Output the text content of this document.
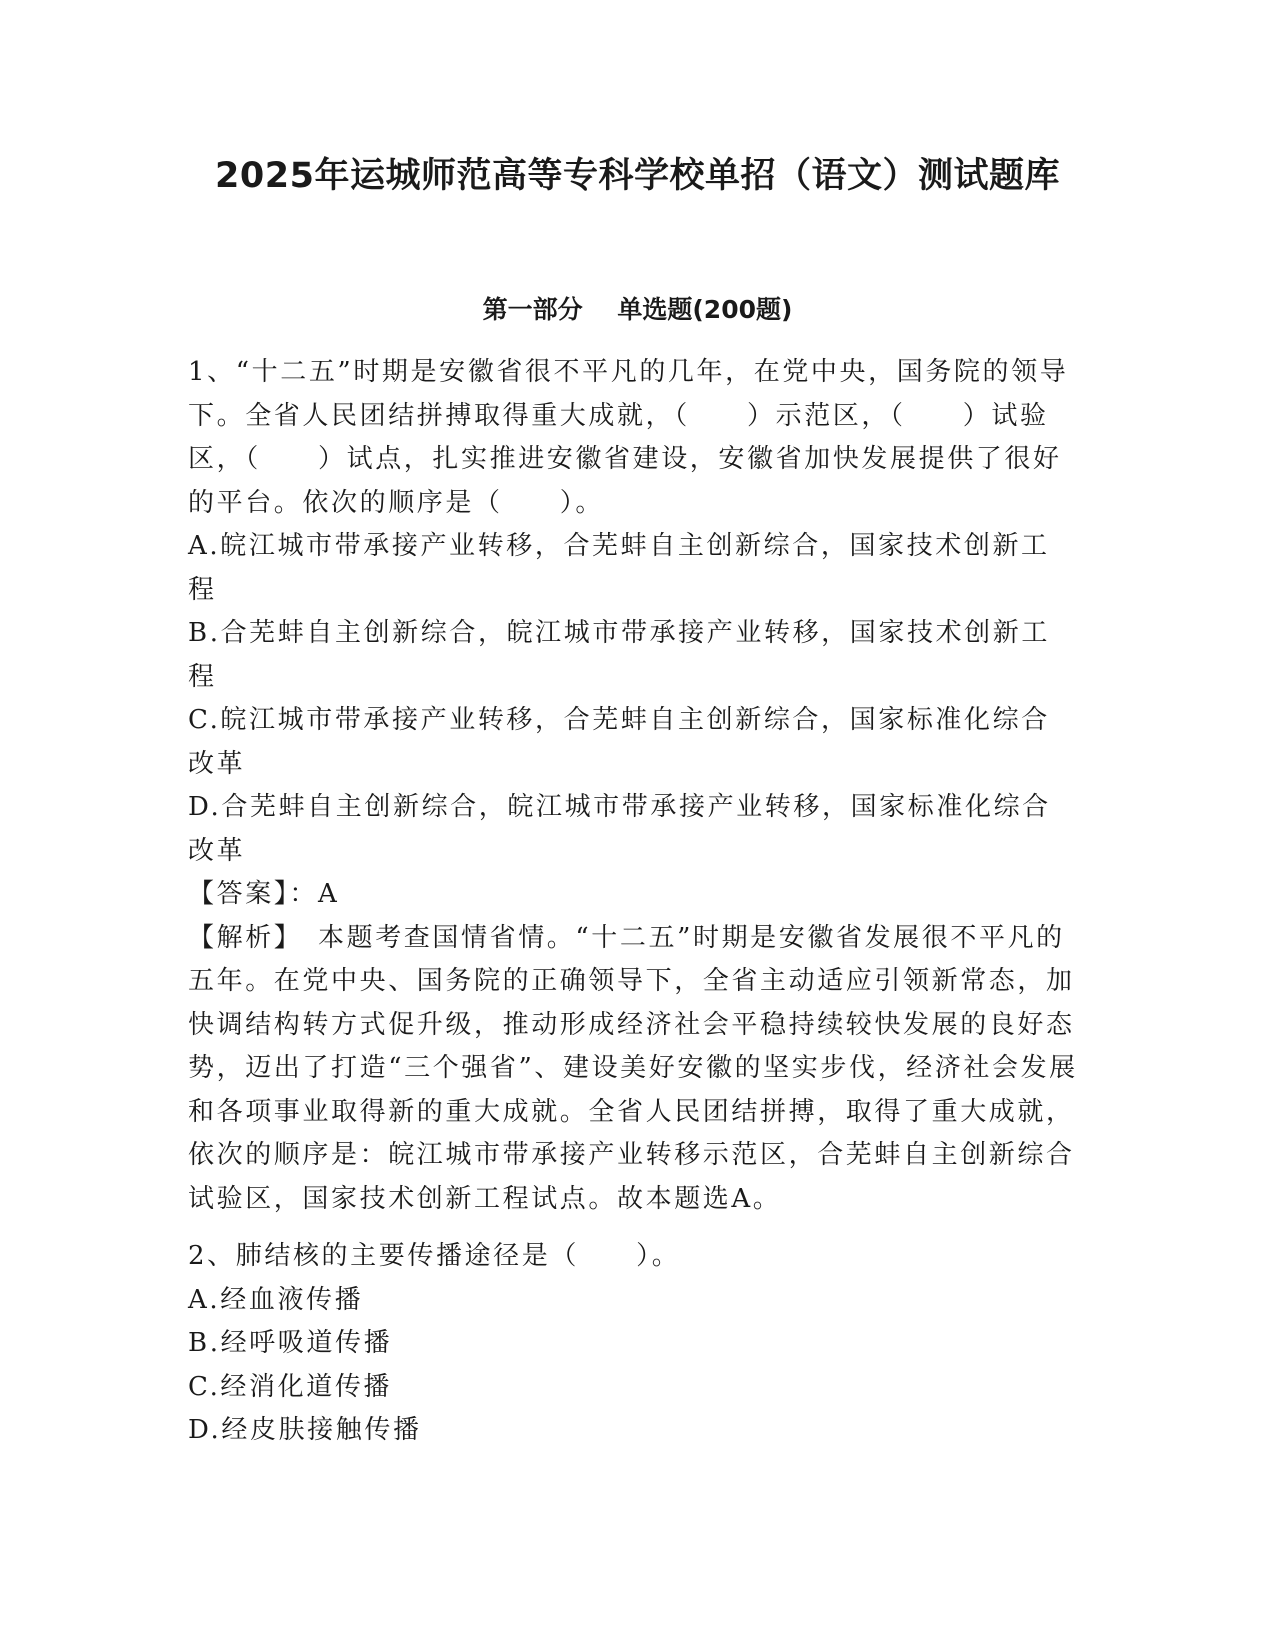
2025年运城师范高等专科学校单招（语文）测试题库
第一部分    单选题(200题)

1、“十二五”时期是安徽省很不平凡的几年，在党中央，国务院的领导下。全省人民团结拼搏取得重大成就，（　　）示范区，（　　）试验区，（　　）试点，扎实推进安徽省建设，安徽省加快发展提供了很好的平台。依次的顺序是（　　）。

A.皖江城市带承接产业转移，合芜蚌自主创新综合，国家技术创新工程

B.合芜蚌自主创新综合，皖江城市带承接产业转移，国家技术创新工程

C.皖江城市带承接产业转移，合芜蚌自主创新综合，国家标准化综合改革

D.合芜蚌自主创新综合，皖江城市带承接产业转移，国家标准化综合改革

【答案】：A

【解析】　本题考查国情省情。“十二五”时期是安徽省发展很不平凡的五年。在党中央、国务院的正确领导下，全省主动适应引领新常态，加快调结构转方式促升级，推动形成经济社会平稳持续较快发展的良好态势，迈出了打造“三个强省”、建设美好安徽的坚实步伐，经济社会发展和各项事业取得新的重大成就。全省人民团结拼搏，取得了重大成就，依次的顺序是：皖江城市带承接产业转移示范区，合芜蚌自主创新综合试验区，国家技术创新工程试点。故本题选A。

2、肺结核的主要传播途径是（　　）。

A.经血液传播

B.经呼吸道传播

C.经消化道传播

D.经皮肤接触传播
